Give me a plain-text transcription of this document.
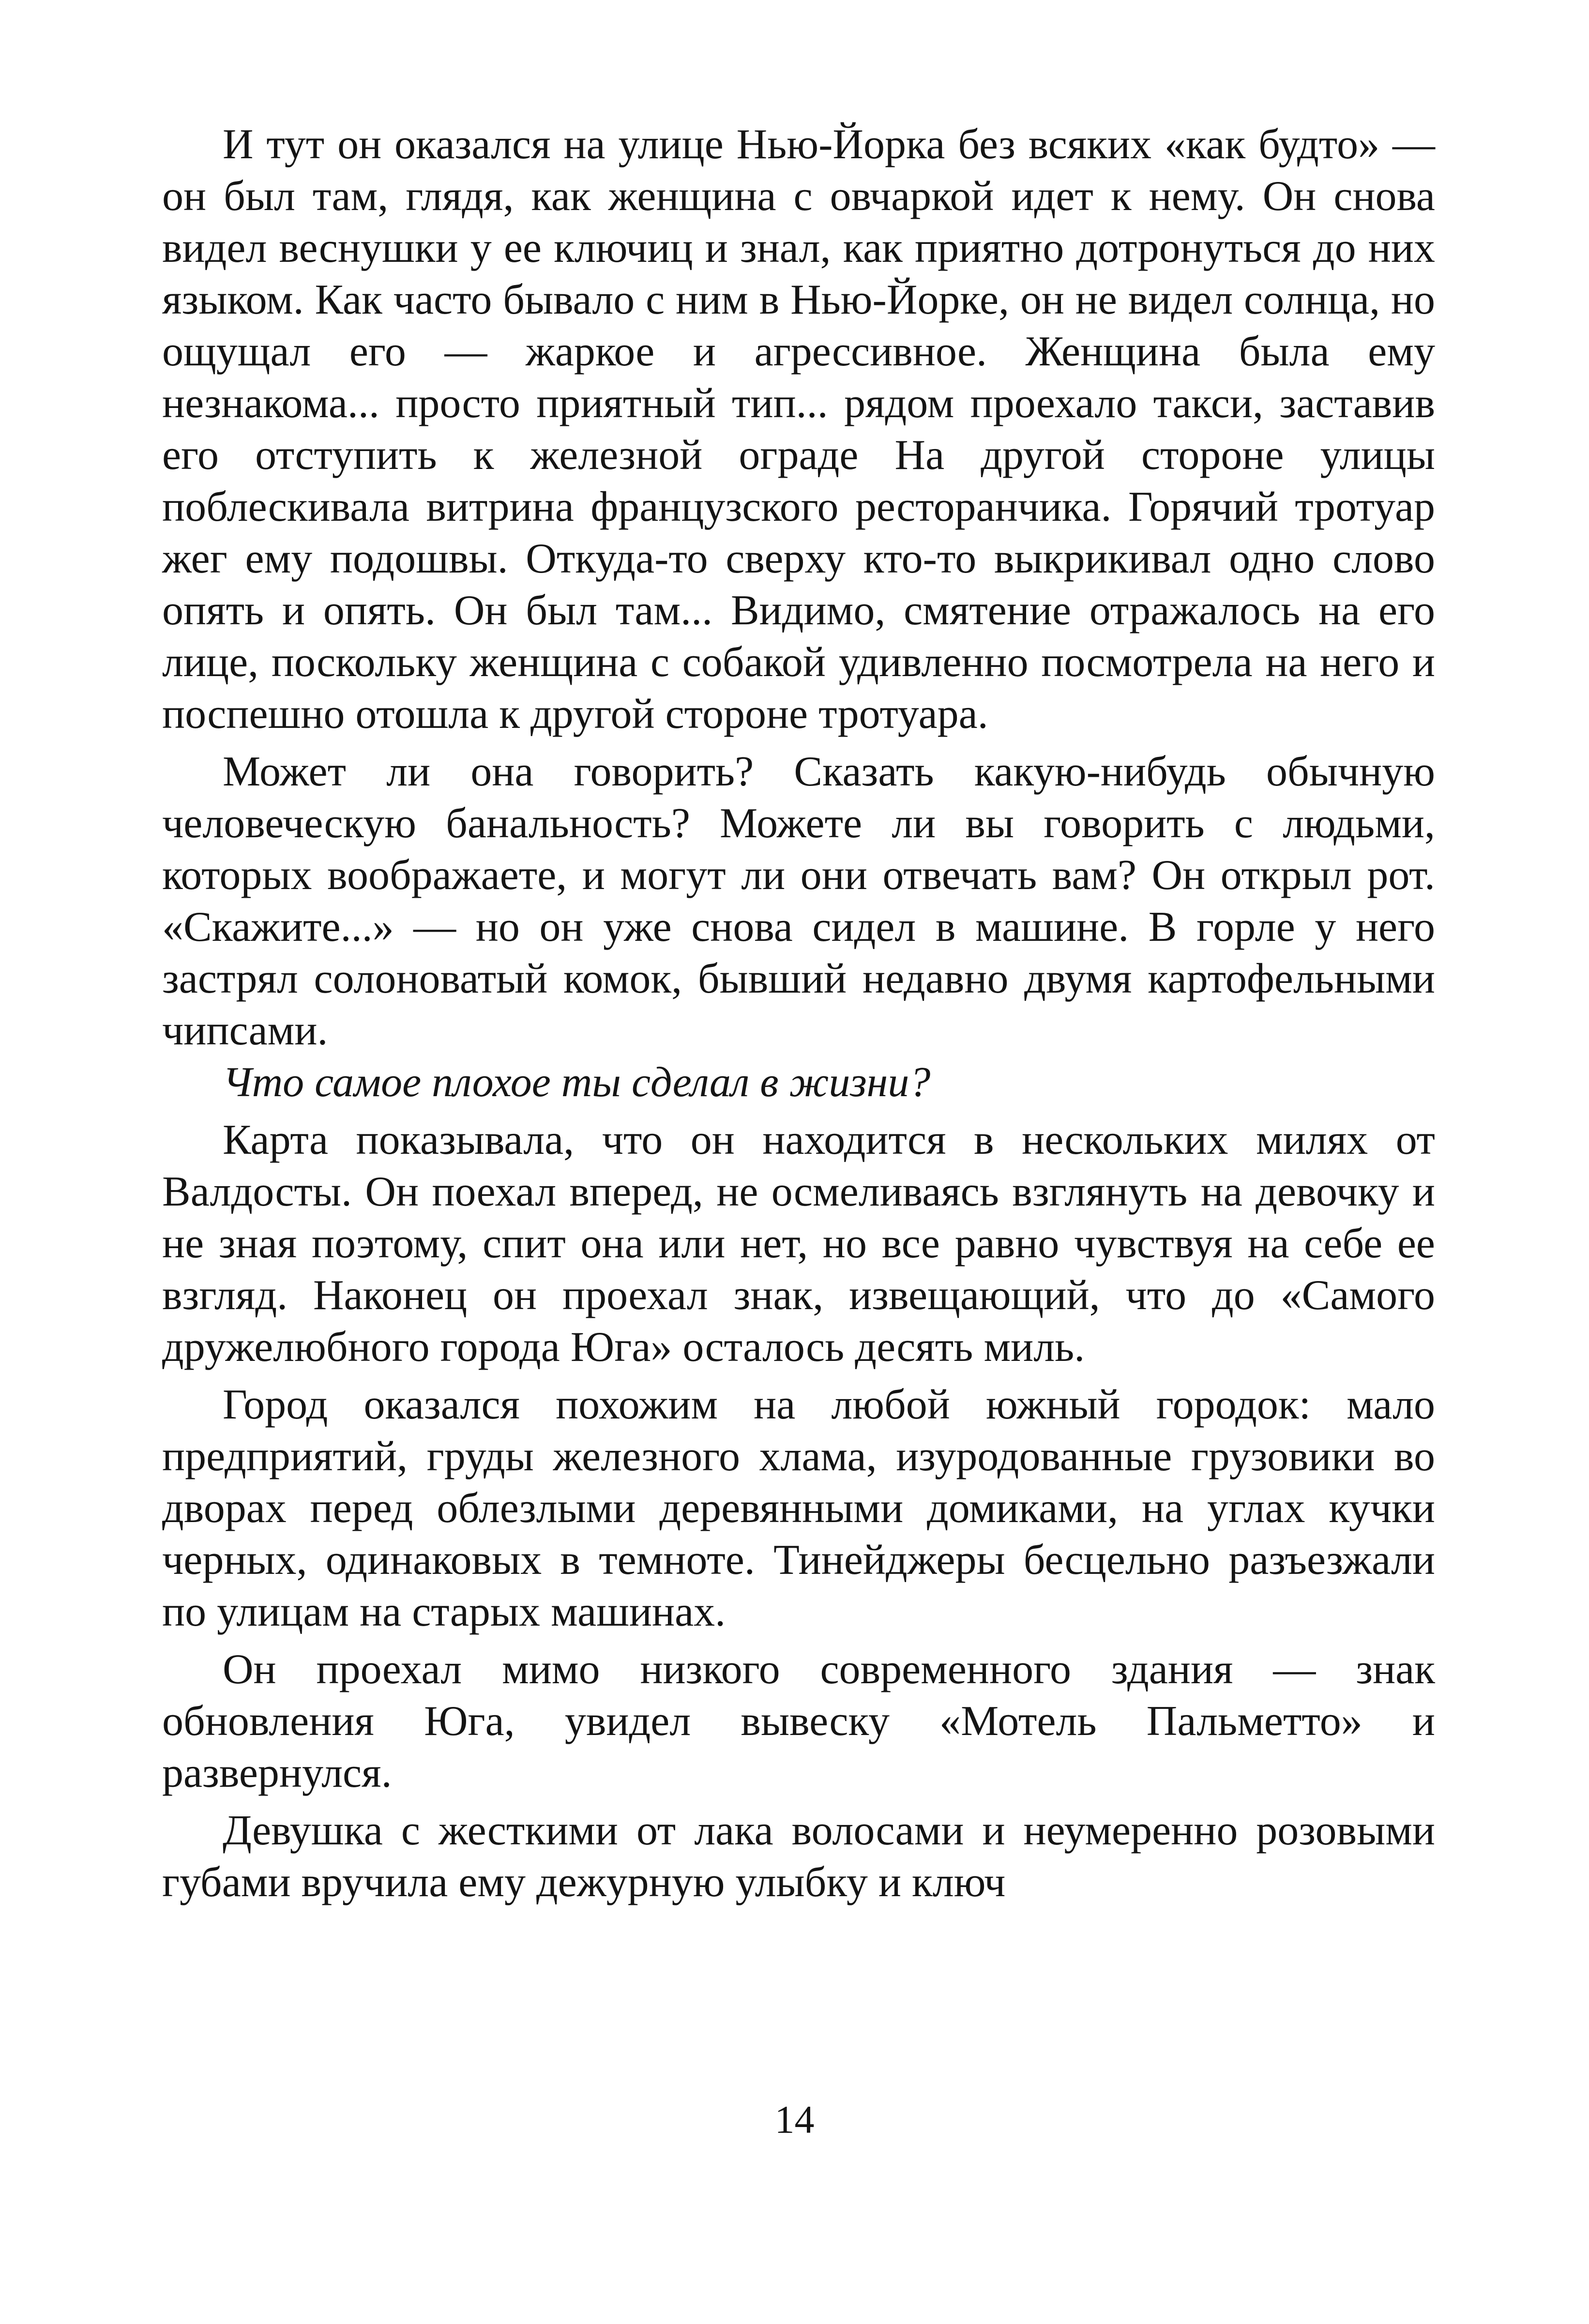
И тут он оказался на улице Нью-Йорка без всяких «как будто» — он был там, глядя, как женщина с овчаркой идет к нему. Он снова видел веснушки у ее ключиц и знал, как приятно дотронуться до них языком. Как часто бывало с ним в Нью-Йорке, он не видел солнца, но ощущал его — жаркое и агрессивное. Женщина была ему незнакома... просто приятный тип... рядом проехало такси, заставив его отступить к железной ограде На другой стороне улицы поблескивала витрина французского ресторанчика. Горячий тротуар жег ему подошвы. Откуда-то сверху кто-то выкрикивал одно слово опять и опять. Он был там... Видимо, смятение отражалось на его лице, поскольку женщина с собакой удивленно посмотрела на него и поспешно отошла к другой стороне тротуара.

Может ли она говорить? Сказать какую-нибудь обычную человеческую банальность? Можете ли вы говорить с людьми, которых воображаете, и могут ли они отвечать вам? Он открыл рот. «Скажите...» — но он уже снова сидел в машине. В горле у него застрял солоноватый комок, бывший недавно двумя картофельными чипсами.

Что самое плохое ты сделал в жизни?

Карта показывала, что он находится в нескольких милях от Валдосты. Он поехал вперед, не осмеливаясь взглянуть на девочку и не зная поэтому, спит она или нет, но все равно чувствуя на себе ее взгляд. Наконец он проехал знак, извещающий, что до «Самого дружелюбного города Юга» осталось десять миль.

Город оказался похожим на любой южный городок: мало предприятий, груды железного хлама, изуродованные грузовики во дворах перед облезлыми деревянными домиками, на углах кучки черных, одинаковых в темноте. Тинейджеры бесцельно разъезжали по улицам на старых машинах.

Он проехал мимо низкого современного здания — знак обновления Юга, увидел вывеску «Мотель Пальметто» и развернулся.

Девушка с жесткими от лака волосами и неумеренно розовыми губами вручила ему дежурную улыбку и ключ

14
